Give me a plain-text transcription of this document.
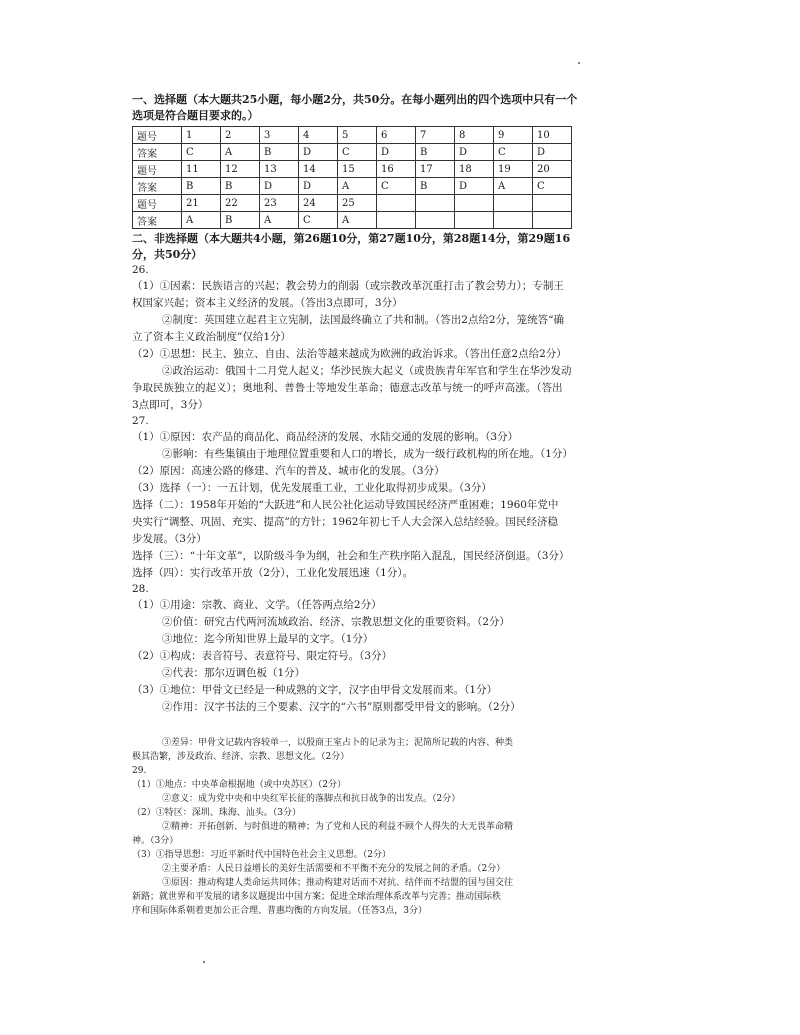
一、选择题（本大题共25小题，每小题2分，共50分。在每小题列出的四个选项中只有一个

选项是符合题目要求的。）

题号	1	2	3	4	5	6	7	8	9	10
答案	C	A	B	D	C	D	B	D	C	D
题号	11	12	13	14	15	16	17	18	19	20
答案	B	B	D	D	A	C	B	D	A	C
题号	21	22	23	24	25					
答案	A	B	A	C	A					

二、非选择题（本大题共4小题，第26题10分，第27题10分，第28题14分，第29题16

分，共50分）

26.

（1）①因素：民族语言的兴起；教会势力的削弱（或宗教改革沉重打击了教会势力）；专制王

权国家兴起；资本主义经济的发展。（答出3点即可，3分）

②制度：英国建立起君主立宪制，法国最终确立了共和制。（答出2点给2分，笼统答“确

立了资本主义政治制度”仅给1分）

（2）①思想：民主、独立、自由、法治等越来越成为欧洲的政治诉求。（答出任意2点给2分）

②政治运动：俄国十二月党人起义；华沙民族大起义（或贵族青年军官和学生在华沙发动

争取民族独立的起义）；奥地利、普鲁士等地发生革命；德意志改革与统一的呼声高涨。（答出

3点即可，3分）

27.

（1）①原因：农产品的商品化、商品经济的发展、水陆交通的发展的影响。（3分）

②影响：有些集镇由于地理位置重要和人口的增长，成为一级行政机构的所在地。（1分）

（2）原因：高速公路的修建、汽车的普及、城市化的发展。（3分）

（3）选择（一）：一五计划，优先发展重工业，工业化取得初步成果。（3分）

选择（二）：1958年开始的“大跃进”和人民公社化运动导致国民经济严重困难；1960年党中

央实行“调整、巩固、充实、提高”的方针；1962年初七千人大会深入总结经验。国民经济稳

步发展。（3分）

选择（三）：“十年文革”，以阶级斗争为纲，社会和生产秩序陷入混乱，国民经济倒退。（3分）

选择（四）：实行改革开放（2分），工业化发展迅速（1分）。

28.

（1）①用途：宗教、商业、文学。（任答两点给2分）

②价值：研究古代两河流域政治、经济、宗教思想文化的重要资料。（2分）

③地位：迄今所知世界上最早的文字。（1分）

（2）①构成：表音符号、表意符号、限定符号。（3分）

②代表：那尔迈调色板（1分）

（3）①地位：甲骨文已经是一种成熟的文字，汉字由甲骨文发展而来。（1分）

②作用：汉字书法的三个要素、汉字的“六书”原则都受甲骨文的影响。（2分）

③差异：甲骨文记载内容较单一，以殷商王室占卜的记录为主；泥简所记载的内容、种类

极其浩繁，涉及政治、经济、宗教、思想文化。（2分）

29.

（1）①地点：中央革命根据地（或中央苏区）（2分）

②意义：成为党中央和中央红军长征的落脚点和抗日战争的出发点。（2分）

（2）①特区：深圳、珠海、汕头。（3分）

②精神：开拓创新、与时俱进的精神；为了党和人民的利益不顾个人得失的大无畏革命精

神。（3分）

（3）①指导思想：习近平新时代中国特色社会主义思想。（2分）

②主要矛盾：人民日益增长的美好生活需要和不平衡不充分的发展之间的矛盾。（2分）

③原因：推动构建人类命运共同体；推动构建对话而不对抗、结伴而不结盟的国与国交往

新路；就世界和平发展的诸多议题提出中国方案；促进全球治理体系改革与完善；推动国际秩

序和国际体系朝着更加公正合理、普惠均衡的方向发展。（任答3点，3分）
